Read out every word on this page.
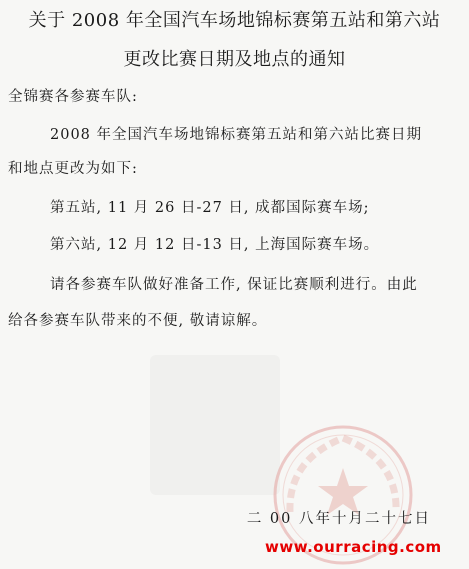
关于 2008 年全国汽车场地锦标赛第五站和第六站
更改比赛日期及地点的通知

全锦赛各参赛车队:

2008 年全国汽车场地锦标赛第五站和第六站比赛日期

和地点更改为如下:

第五站, 11 月 26 日-27 日, 成都国际赛车场;

第六站, 12 月 12 日-13 日, 上海国际赛车场。

请各参赛车队做好准备工作, 保证比赛顺利进行。由此

给各参赛车队带来的不便, 敬请谅解。

二 00 八年十月二十七日
www.ourracing.com
